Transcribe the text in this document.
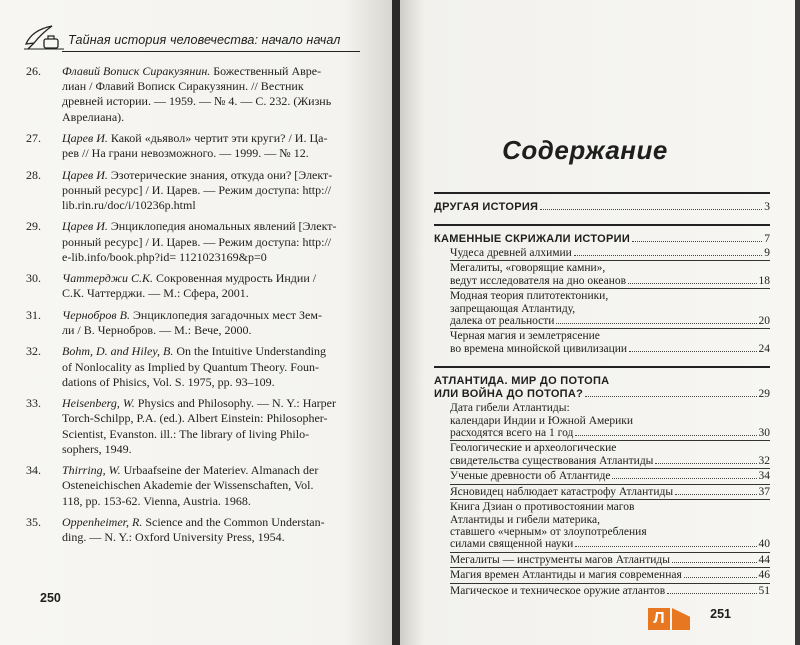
Тайная история человечества: начало начал
26.	Флавий Вописк Сиракузянин. Божественный Авре-
лиан / Флавий Вописк Сиракузянин. // Вестник
древней истории. — 1959. — № 4. — С. 232. (Жизнь
Аврелиана).
27.	Царев И. Какой «дьявол» чертит эти круги? / И. Ца-
рев // На грани невозможного. — 1999. — № 12.
28.	Царев И. Эзотерические знания, откуда они? [Элект-
ронный ресурс] / И. Царев. — Режим доступа: http://
lib.rin.ru/doc/i/10236p.html
29.	Царев И. Энциклопедия аномальных явлений [Элект-
ронный ресурс] / И. Царев. — Режим доступа: http://
e-lib.info/book.php?id= 1121023169&p=0
30.	Чаттерджи С.К. Сокровенная мудрость Индии /
С.К. Чаттерджи. — М.: Сфера, 2001.
31.	Чернобров В. Энциклопедия загадочных мест Зем-
ли / В. Чернобров. — М.: Вече, 2000.
32.	Bohm, D. and Hiley, B. On the Intuitive Understanding
of Nonlocality as Implied by Quantum Theory. Foun-
dations of Phisics, Vol. S. 1975, pp. 93–109.
33.	Heisenberg, W. Physics and Philosophy. — N. Y.: Harper
Torch-Schilpp, P.A. (ed.). Albert Einstein: Philosopher-
Scientist, Evanston. ill.: The library of living Philo-
sophers, 1949.
34.	Thirring, W. Urbaafseine der Materiev. Almanach der
Osteneichischen Akademie der Wissenschaften, Vol.
118, pp. 153-62. Vienna, Austria. 1968.
35.	Oppenheimer, R. Science and the Common Understan-
ding. — N. Y.: Oxford University Press, 1954.
250
Содержание
ДРУГАЯ ИСТОРИЯ	3
КАМЕННЫЕ СКРИЖАЛИ ИСТОРИИ	7
Чудеса древней алхимии	9
Мегалиты, «говорящие камни»,
ведут исследователя на дно океанов	18
Модная теория плитотектоники,
запрещающая Атлантиду,
далека от реальности	20
Черная магия и землетрясение
во времена минойской цивилизации	24
АТЛАНТИДА. МИР ДО ПОТОПА
ИЛИ ВОЙНА ДО ПОТОПА?	29
Дата гибели Атлантиды:
календари Индии и Южной Америки
расходятся всего на 1 год	30
Геологические и археологические
свидетельства существования Атлантиды	32
Ученые древности об Атлантиде	34
Ясновидец наблюдает катастрофу Атлантиды	37
Книга Дзиан о противостоянии магов
Атлантиды и гибели материка,
ставшего «черным» от злоупотребления
силами священной науки	40
Мегалиты — инструменты магов Атлантиды	44
Магия времен Атлантиды и магия современная	46
Магическое и техническое оружие атлантов	51
251
Л
